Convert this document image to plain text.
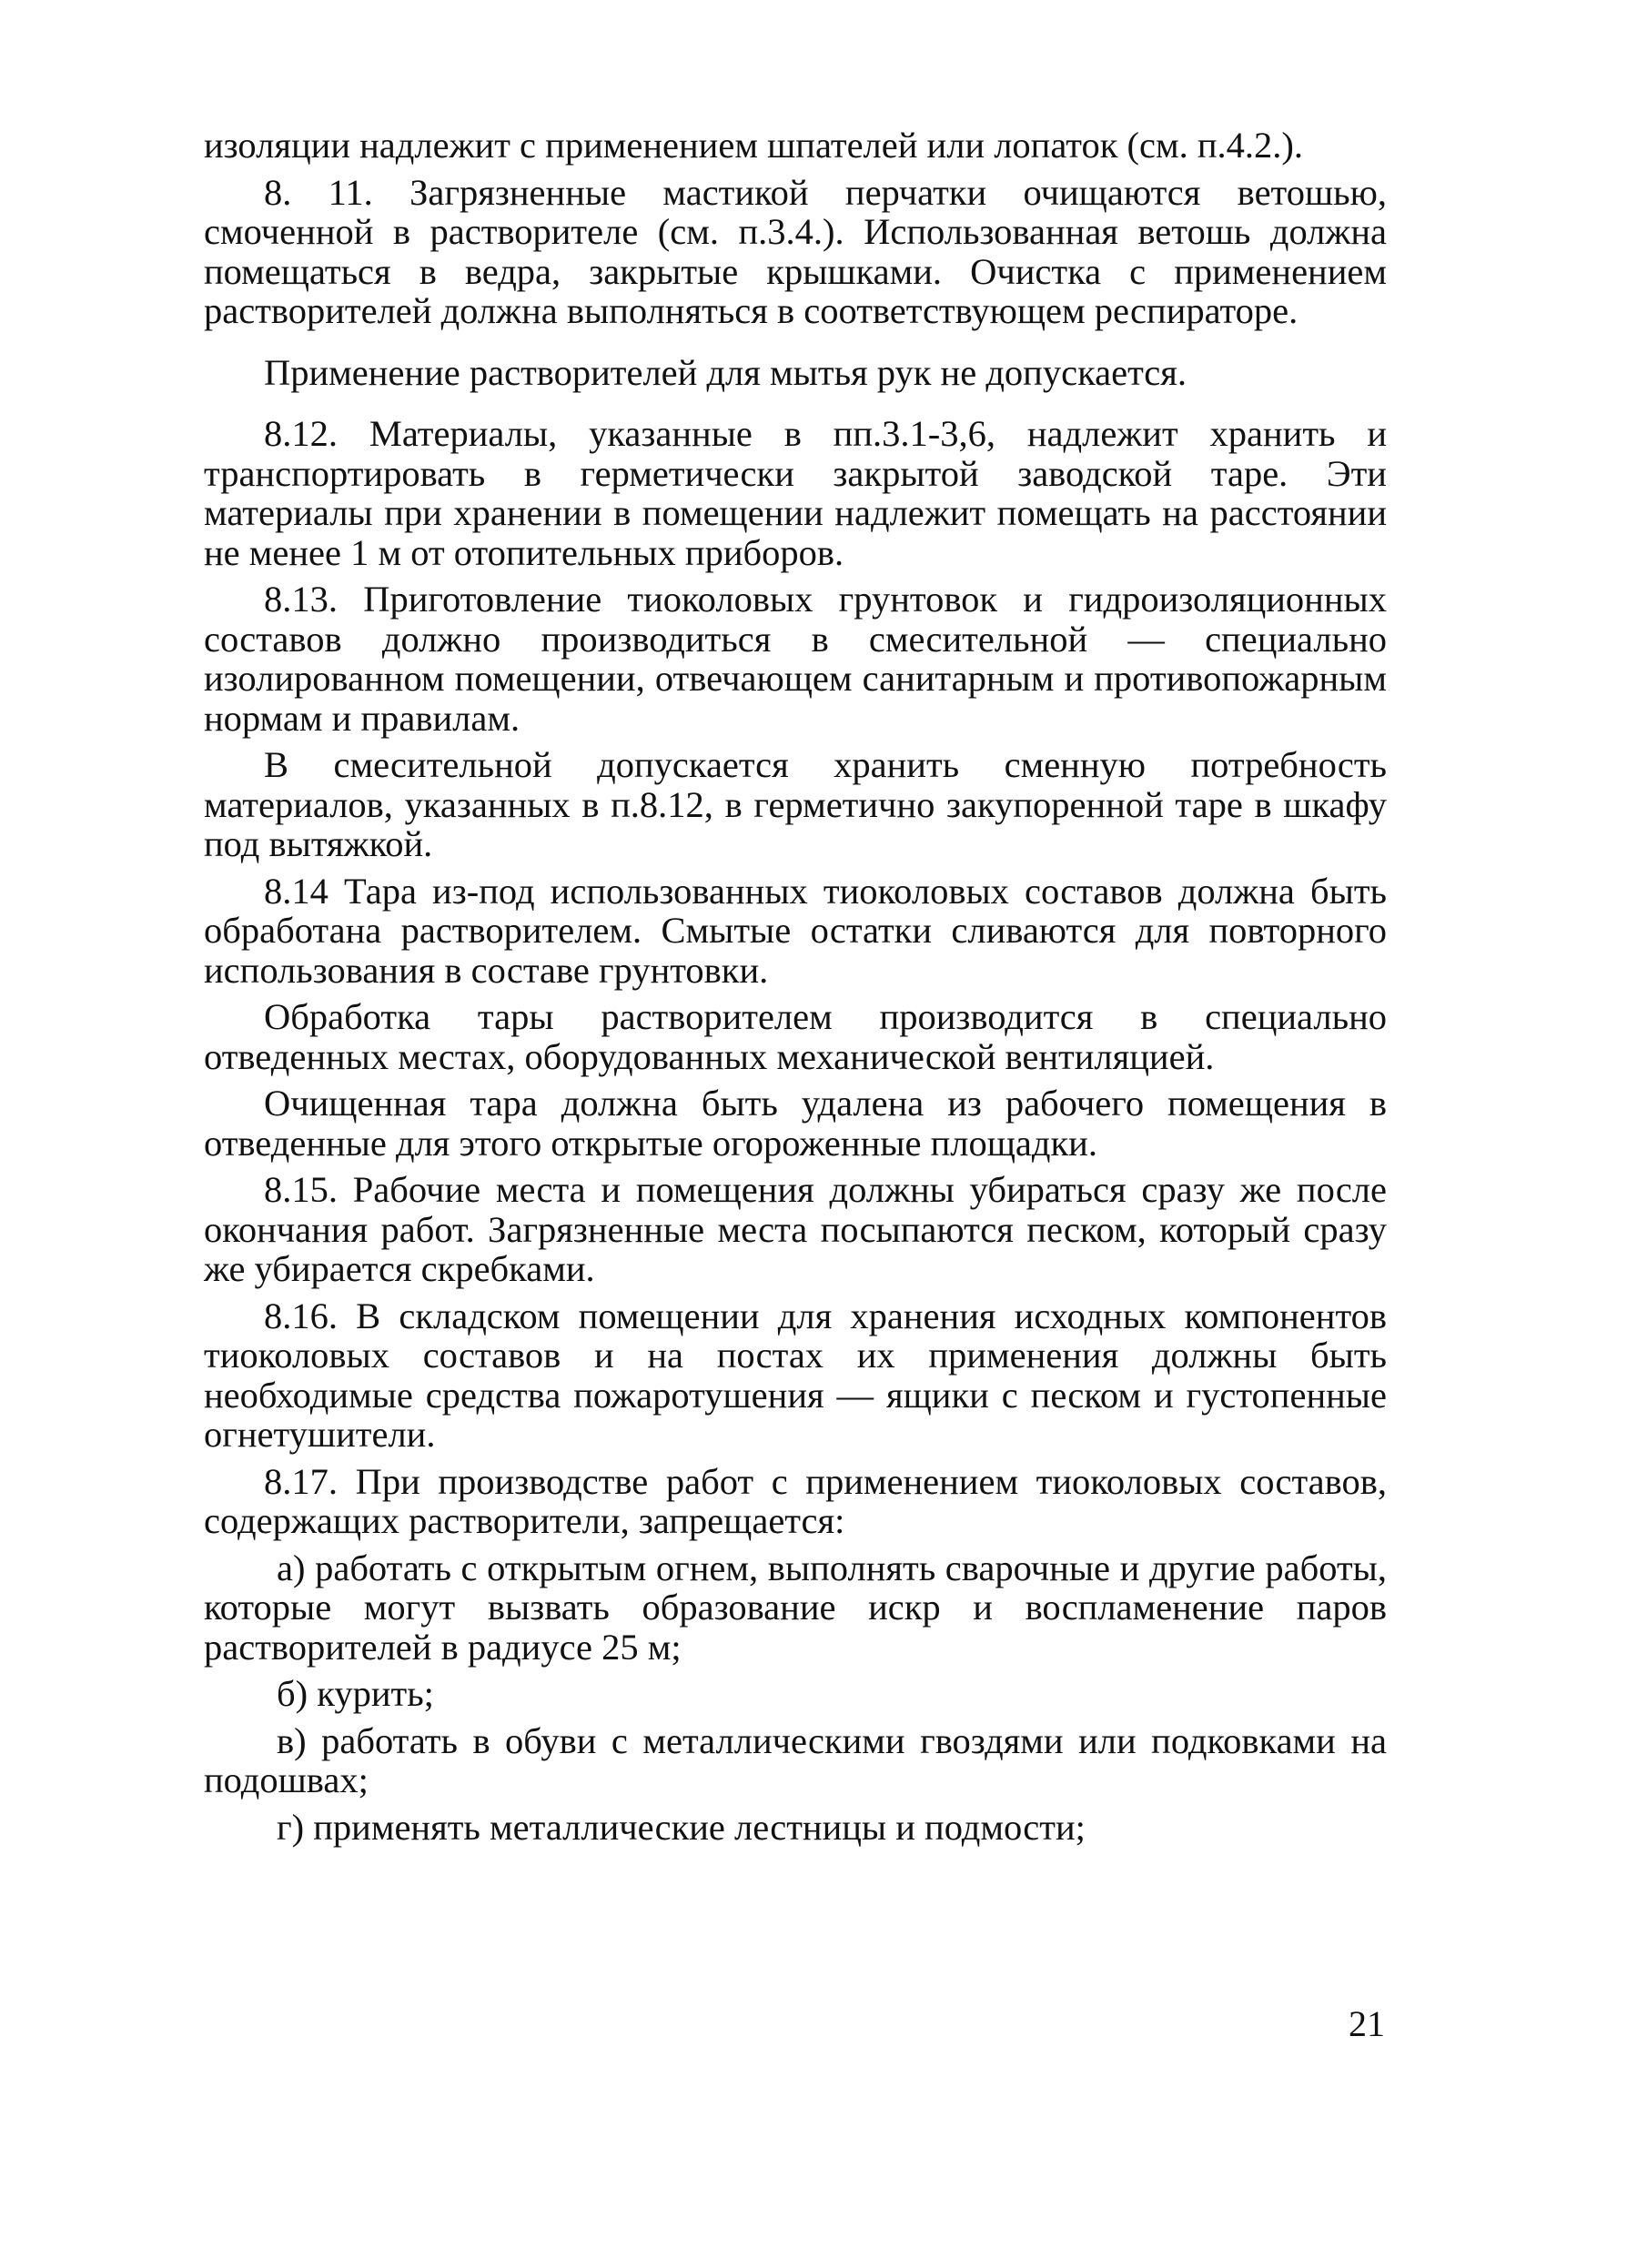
изоляции надлежит с применением шпателей или лопаток (см. п.4.2.).

8. 11. Загрязненные мастикой перчатки очищаются ветошью, смоченной в растворителе (см. п.3.4.). Использованная ветошь должна помещаться в ведра, закрытые крышками. Очистка с применением растворителей должна выполняться в соответствующем респираторе.

Применение растворителей для мытья рук не допускается.

8.12. Материалы, указанные в пп.3.1-3,6, надлежит хранить и транспортировать в герметически закрытой заводской таре. Эти материалы при хранении в помещении надлежит помещать на расстоянии не менее 1 м от отопительных приборов.

8.13. Приготовление тиоколовых грунтовок и гидроизоляционных составов должно производиться в смесительной — специально изолированном помещении, отвечающем санитарным и противопожарным нормам и правилам.

В смесительной допускается хранить сменную потребность материалов, указанных в п.8.12, в герметично закупоренной таре в шкафу под вытяжкой.

8.14 Тара из-под использованных тиоколовых составов должна быть обработана растворителем. Смытые остатки сливаются для повторного использования в составе грунтовки.

Обработка тары растворителем производится в специально отведенных местах, оборудованных механической вентиляцией.

Очищенная тара должна быть удалена из рабочего помещения в отведенные для этого открытые огороженные площадки.

8.15. Рабочие места и помещения должны убираться сразу же после окончания работ. Загрязненные места посыпаются песком, который сразу же убирается скребками.

8.16. В складском помещении для хранения исходных компонентов тиоколовых составов и на постах их применения должны быть необходимые средства пожаротушения — ящики с песком и густопенные огнетушители.

8.17. При производстве работ с применением тиоколовых составов, содержащих растворители, запрещается:

а) работать с открытым огнем, выполнять сварочные и другие работы, которые могут вызвать образование искр и воспламенение паров растворителей в радиусе 25 м;

б) курить;

в) работать в обуви с металлическими гвоздями или подковками на подошвах;

г) применять металлические лестницы и подмости;

21
